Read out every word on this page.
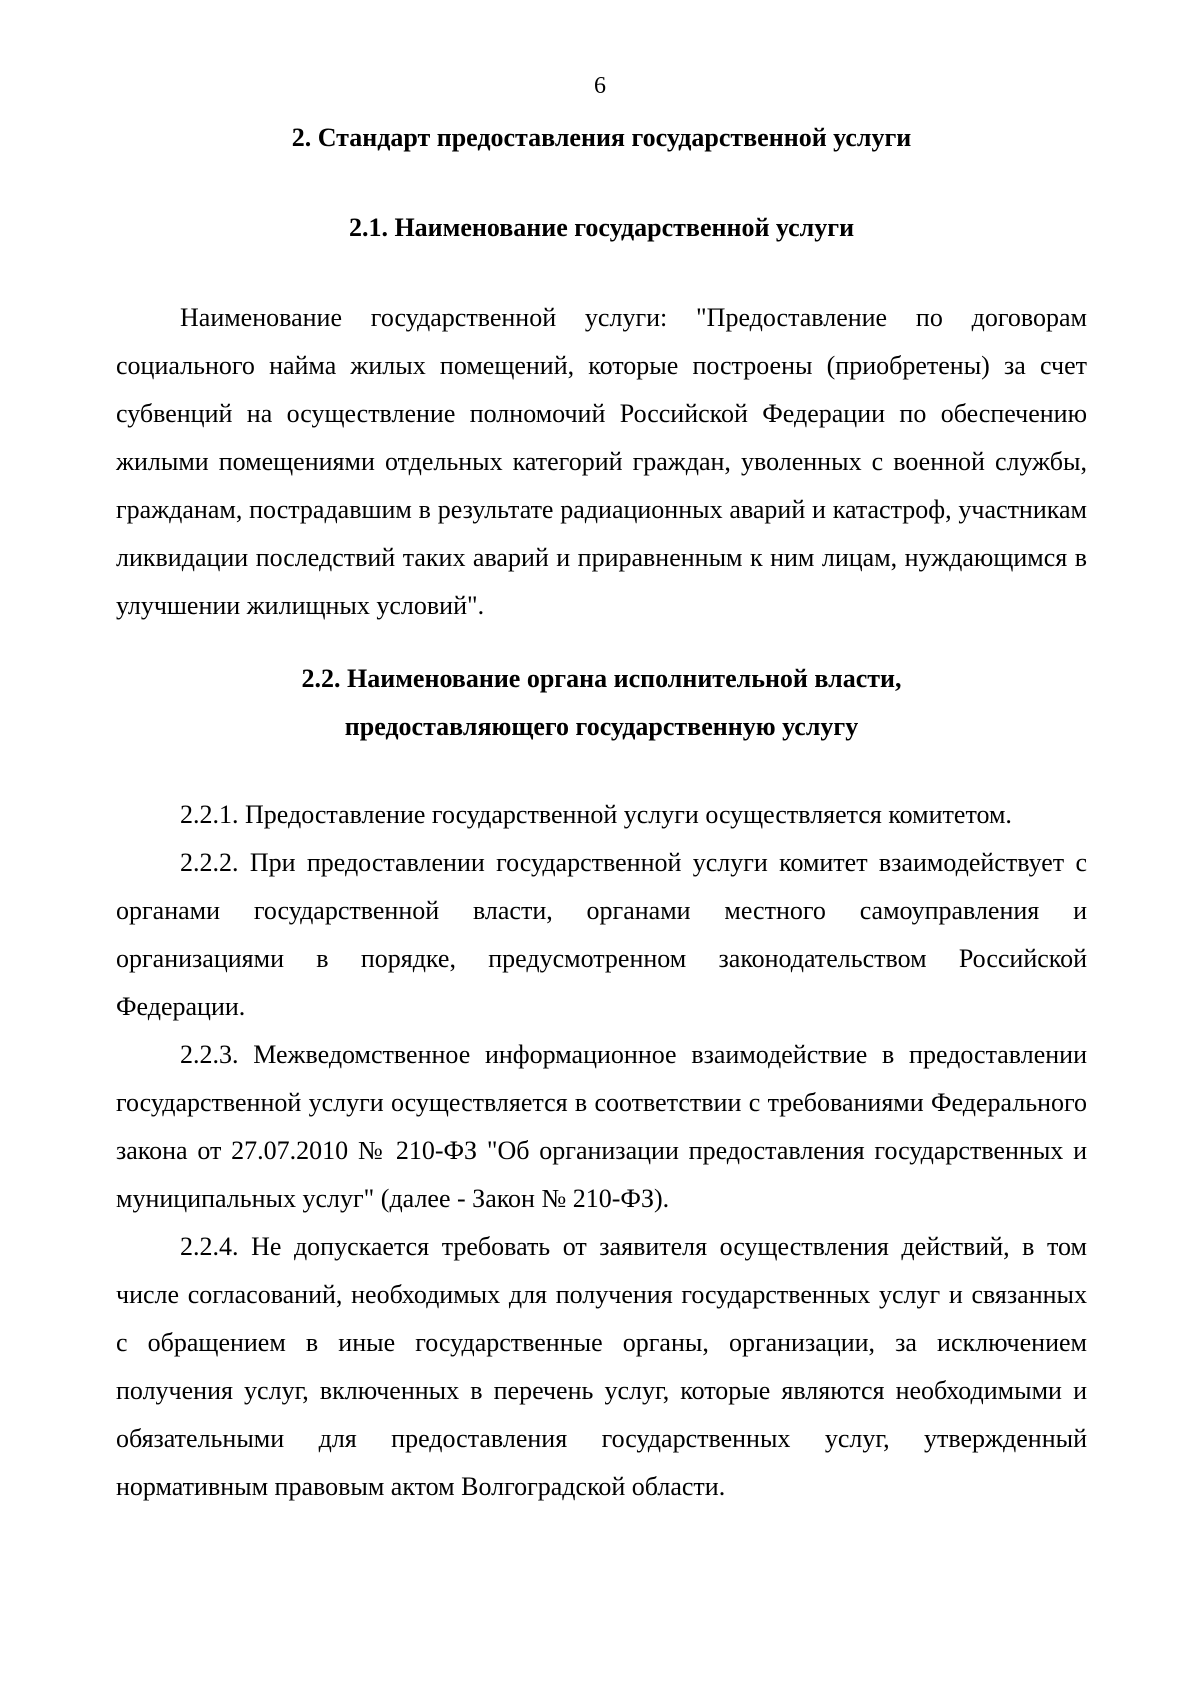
6

2. Стандарт предоставления государственной услуги

2.1. Наименование государственной услуги

Наименование государственной услуги: "Предоставление по договорам социального найма жилых помещений, которые построены (приобретены) за счет субвенций на осуществление полномочий Российской Федерации по обеспечению жилыми помещениями отдельных категорий граждан, уволенных с военной службы, гражданам, пострадавшим в результате радиационных аварий и катастроф, участникам ликвидации последствий таких аварий и приравненным к ним лицам, нуждающимся в улучшении жилищных условий".

2.2. Наименование органа исполнительной власти,

предоставляющего государственную услугу

2.2.1. Предоставление государственной услуги осуществляется комитетом.

2.2.2. При предоставлении государственной услуги комитет взаимодействует с органами государственной власти, органами местного самоуправления и организациями в порядке, предусмотренном законодательством Российской Федерации.

2.2.3. Межведомственное информационное взаимодействие в предоставлении государственной услуги осуществляется в соответствии с требованиями Федерального закона от 27.07.2010 № 210-ФЗ "Об организации предоставления государственных и муниципальных услуг" (далее - Закон № 210-ФЗ).

2.2.4. Не допускается требовать от заявителя осуществления действий, в том числе согласований, необходимых для получения государственных услуг и связанных с обращением в иные государственные органы, организации, за исключением получения услуг, включенных в перечень услуг, которые являются необходимыми и обязательными для предоставления государственных услуг, утвержденный нормативным правовым актом Волгоградской области.
